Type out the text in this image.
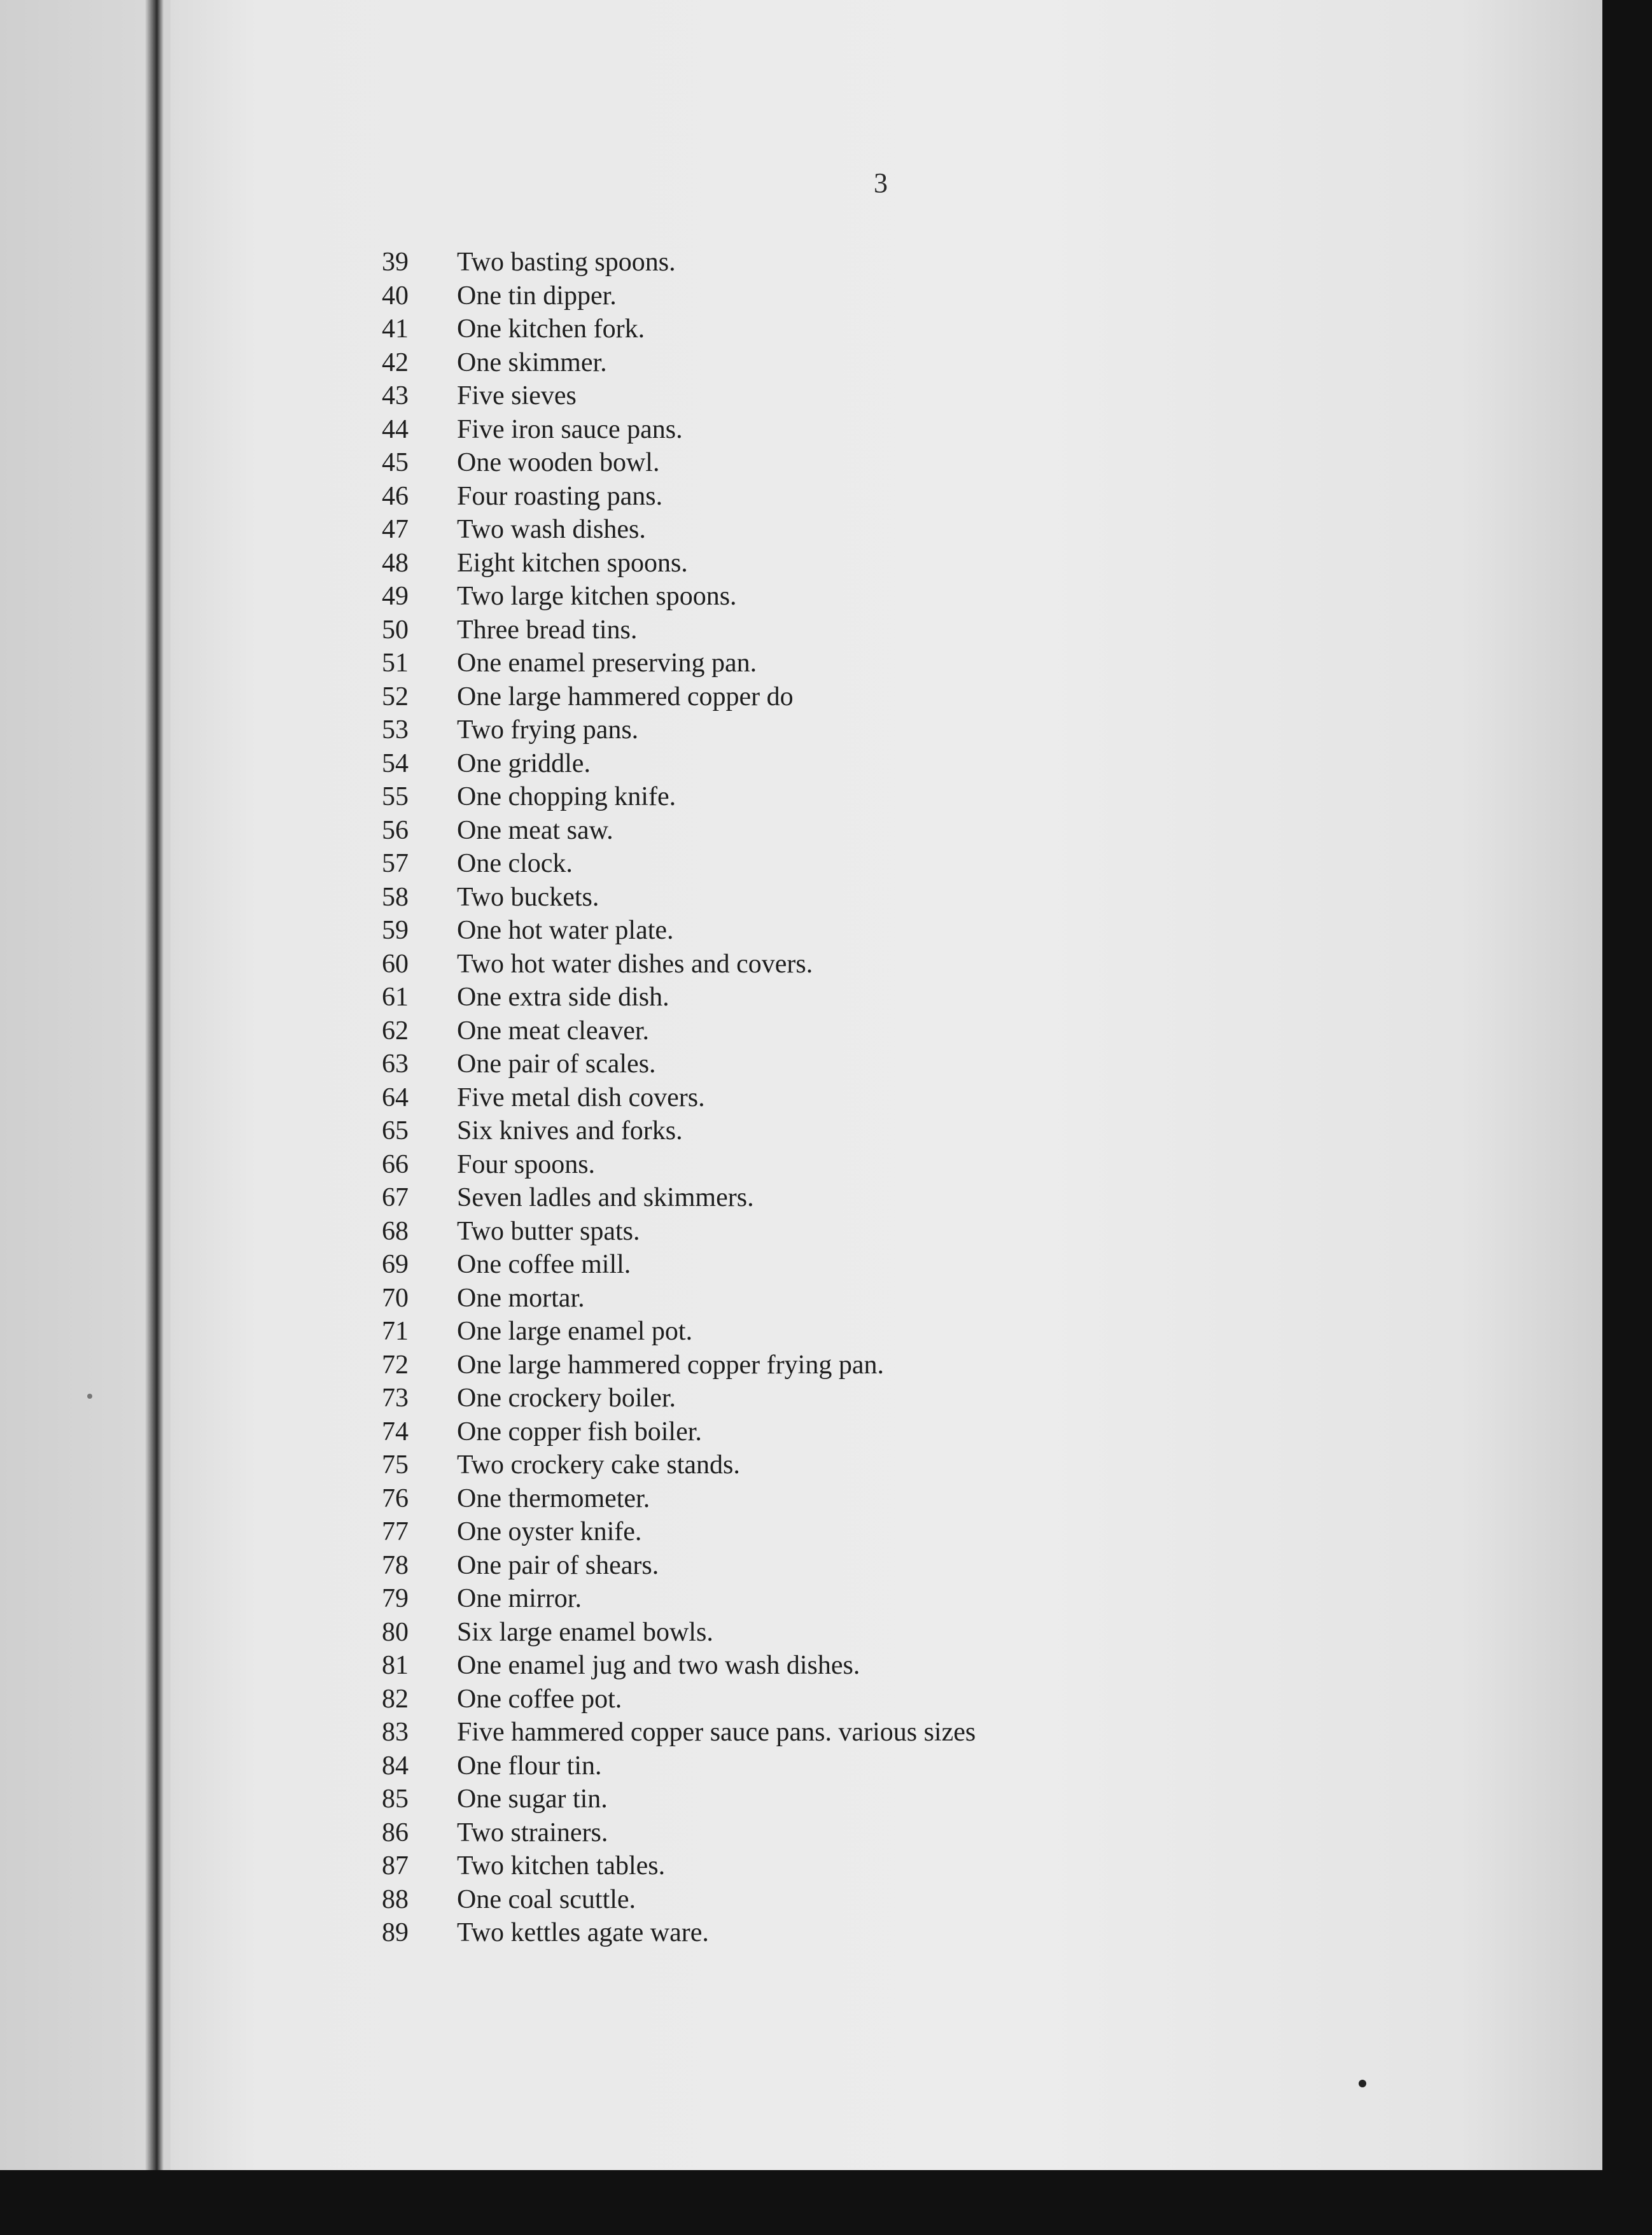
3
39	Two basting spoons.
40	One tin dipper.
41	One kitchen fork.
42	One skimmer.
43	Five sieves
44	Five iron sauce pans.
45	One wooden bowl.
46	Four roasting pans.
47	Two wash dishes.
48	Eight kitchen spoons.
49	Two large kitchen spoons.
50	Three bread tins.
51	One enamel preserving pan.
52	One large hammered copper do
53	Two frying pans.
54	One griddle.
55	One chopping knife.
56	One meat saw.
57	One clock.
58	Two buckets.
59	One hot water plate.
60	Two hot water dishes and covers.
61	One extra side dish.
62	One meat cleaver.
63	One pair of scales.
64	Five metal dish covers.
65	Six knives and forks.
66	Four spoons.
67	Seven ladles and skimmers.
68	Two butter spats.
69	One coffee mill.
70	One mortar.
71	One large enamel pot.
72	One large hammered copper frying pan.
73	One crockery boiler.
74	One copper fish boiler.
75	Two crockery cake stands.
76	One thermometer.
77	One oyster knife.
78	One pair of shears.
79	One mirror.
80	Six large enamel bowls.
81	One enamel jug and two wash dishes.
82	One coffee pot.
83	Five hammered copper sauce pans. various sizes
84	One flour tin.
85	One sugar tin.
86	Two strainers.
87	Two kitchen tables.
88	One coal scuttle.
89	Two kettles agate ware.
